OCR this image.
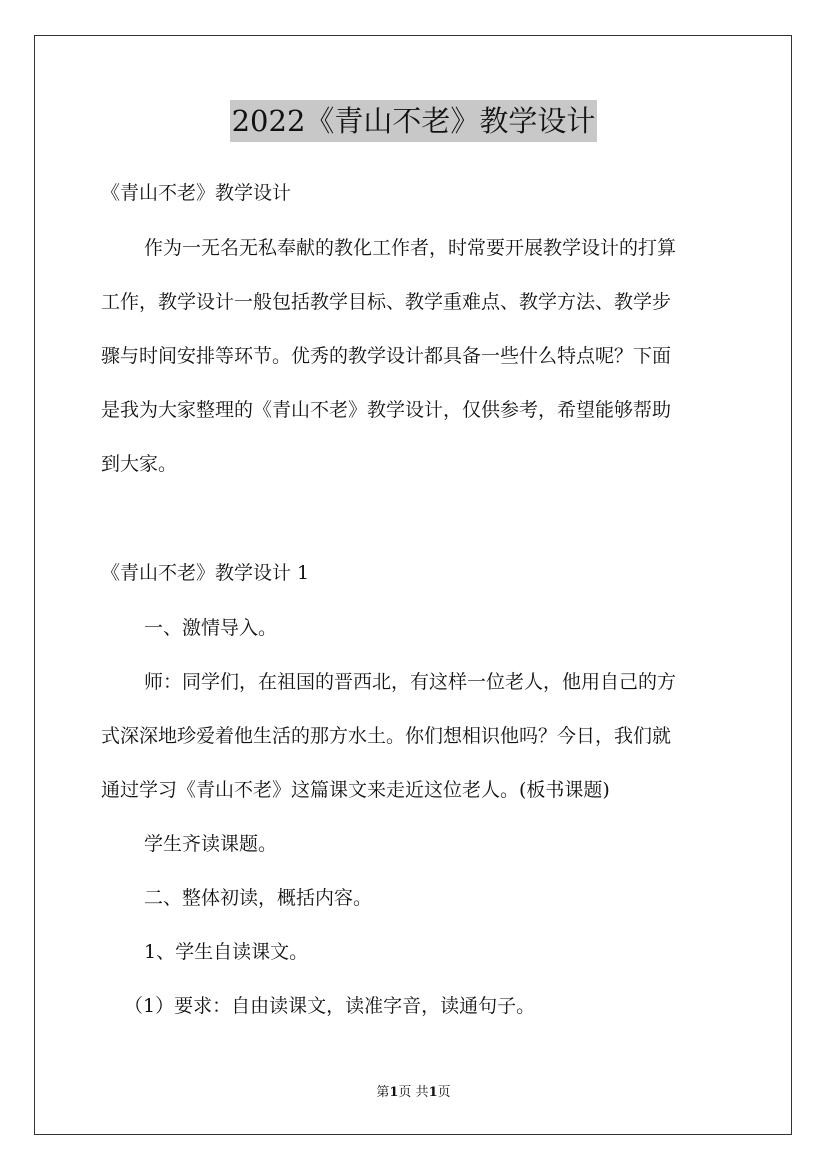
2022《青山不老》教学设计
《青山不老》教学设计
作为一无名无私奉献的教化工作者，时常要开展教学设计的打算
工作，教学设计一般包括教学目标、教学重难点、教学方法、教学步
骤与时间安排等环节。优秀的教学设计都具备一些什么特点呢？下面
是我为大家整理的《青山不老》教学设计，仅供参考，希望能够帮助
到大家。
《青山不老》教学设计 1
一、激情导入。
师：同学们，在祖国的晋西北，有这样一位老人，他用自己的方
式深深地珍爱着他生活的那方水土。你们想相识他吗？今日，我们就
通过学习《青山不老》这篇课文来走近这位老人。(板书课题)
学生齐读课题。
二、整体初读，概括内容。
1、学生自读课文。
（1）要求：自由读课文，读准字音，读通句子。
第1页 共1页
